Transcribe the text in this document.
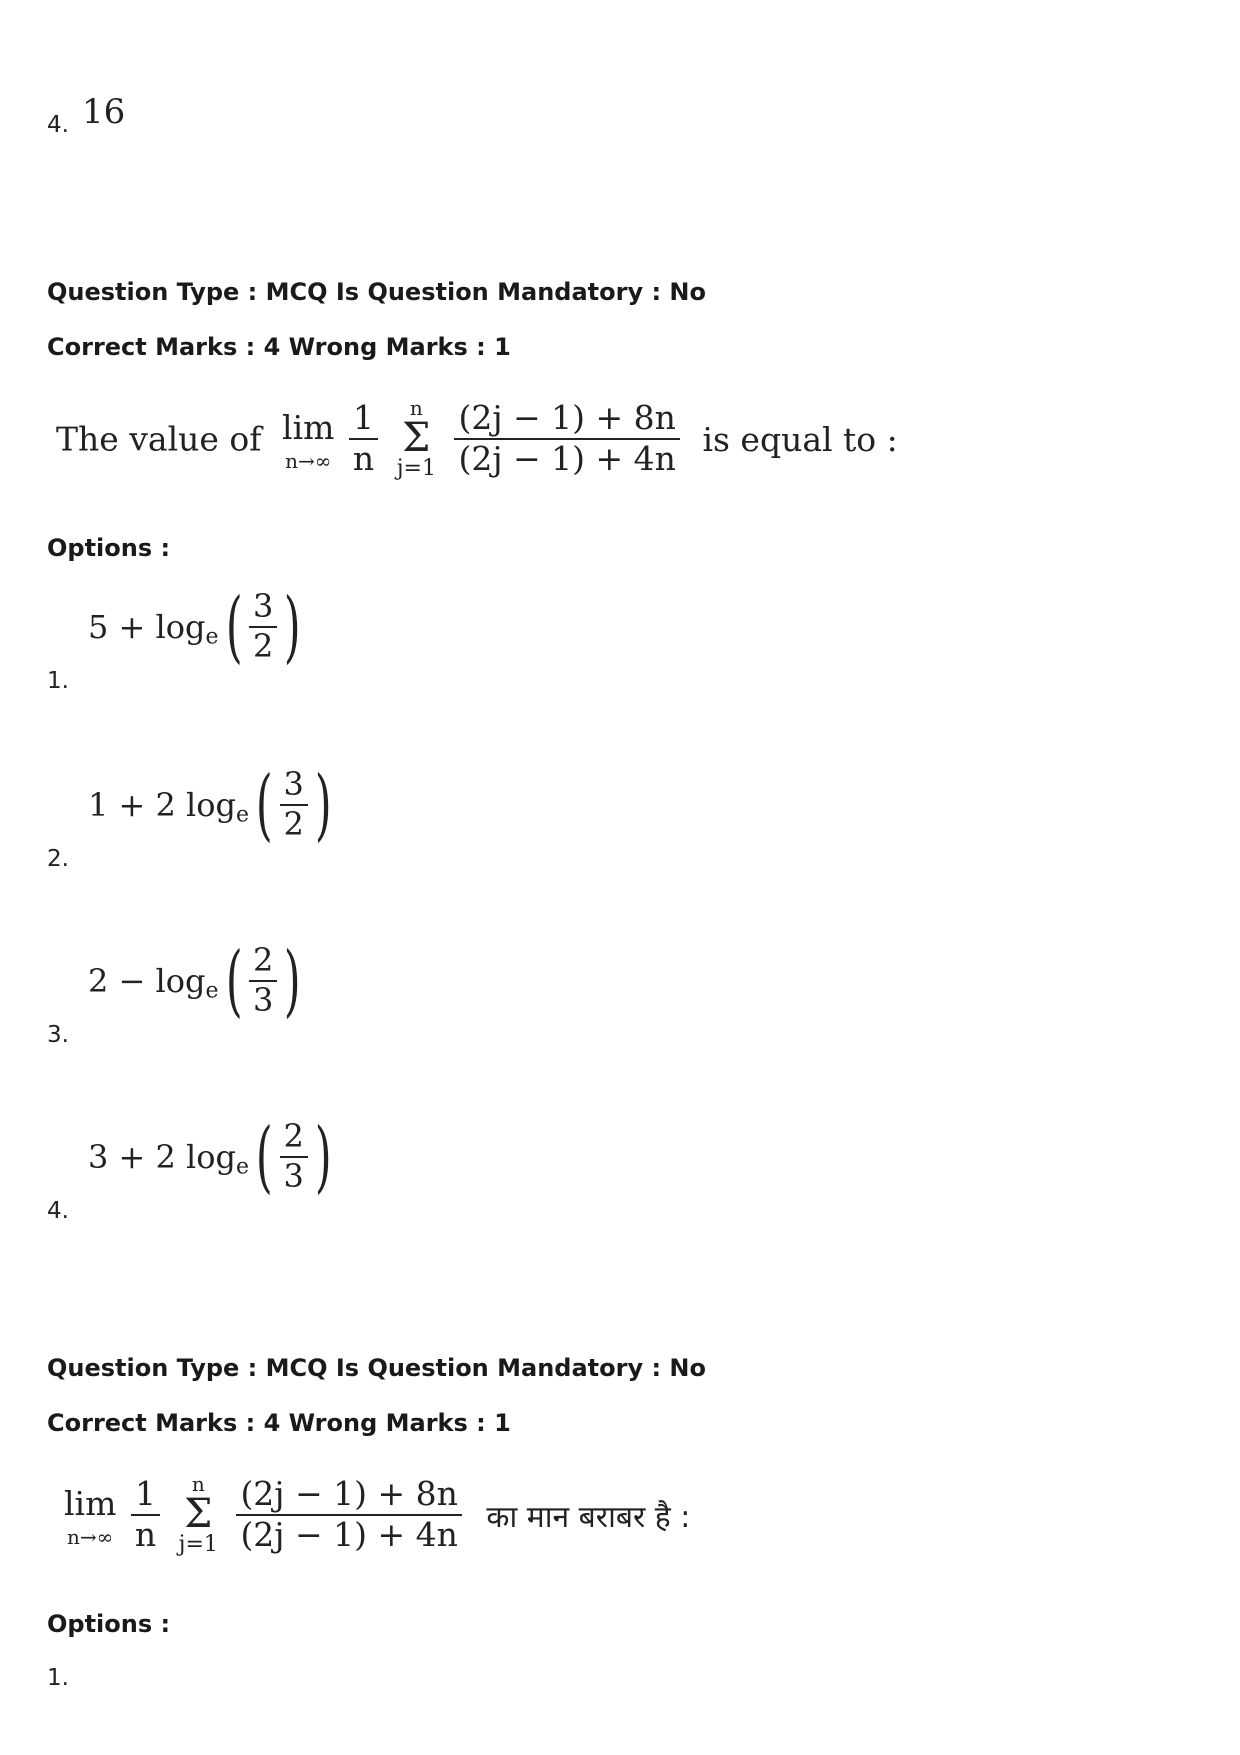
4. 16
Question Type : MCQ Is Question Mandatory : No
Correct Marks : 4 Wrong Marks : 1
The value of lim
n→∞
$\frac{1}{n}$
n
Σ
j=1
$\frac{(2j - 1) + 8n}{(2j - 1) + 4n}$ is equal to :
Options :
1.
$5 + \log_e( \frac{3}{2}$ )
2.
1 + 2 $\log_e( \frac{3}{2}$ )
3.
$2 - \log_e( \frac{2}{3}$ )
4.
3 + 2 $\log_e( \frac{2}{3}$ )
Question Type : MCQ Is Question Mandatory : No
Correct Marks : 4 Wrong Marks : 1
lim
n→∞
$\frac{1}{n}$
n
Σ
j=1
$\frac{(2j - 1) + 8n}{(2j - 1) + 4n}$ का मान बराबर है :
Options :
1.
